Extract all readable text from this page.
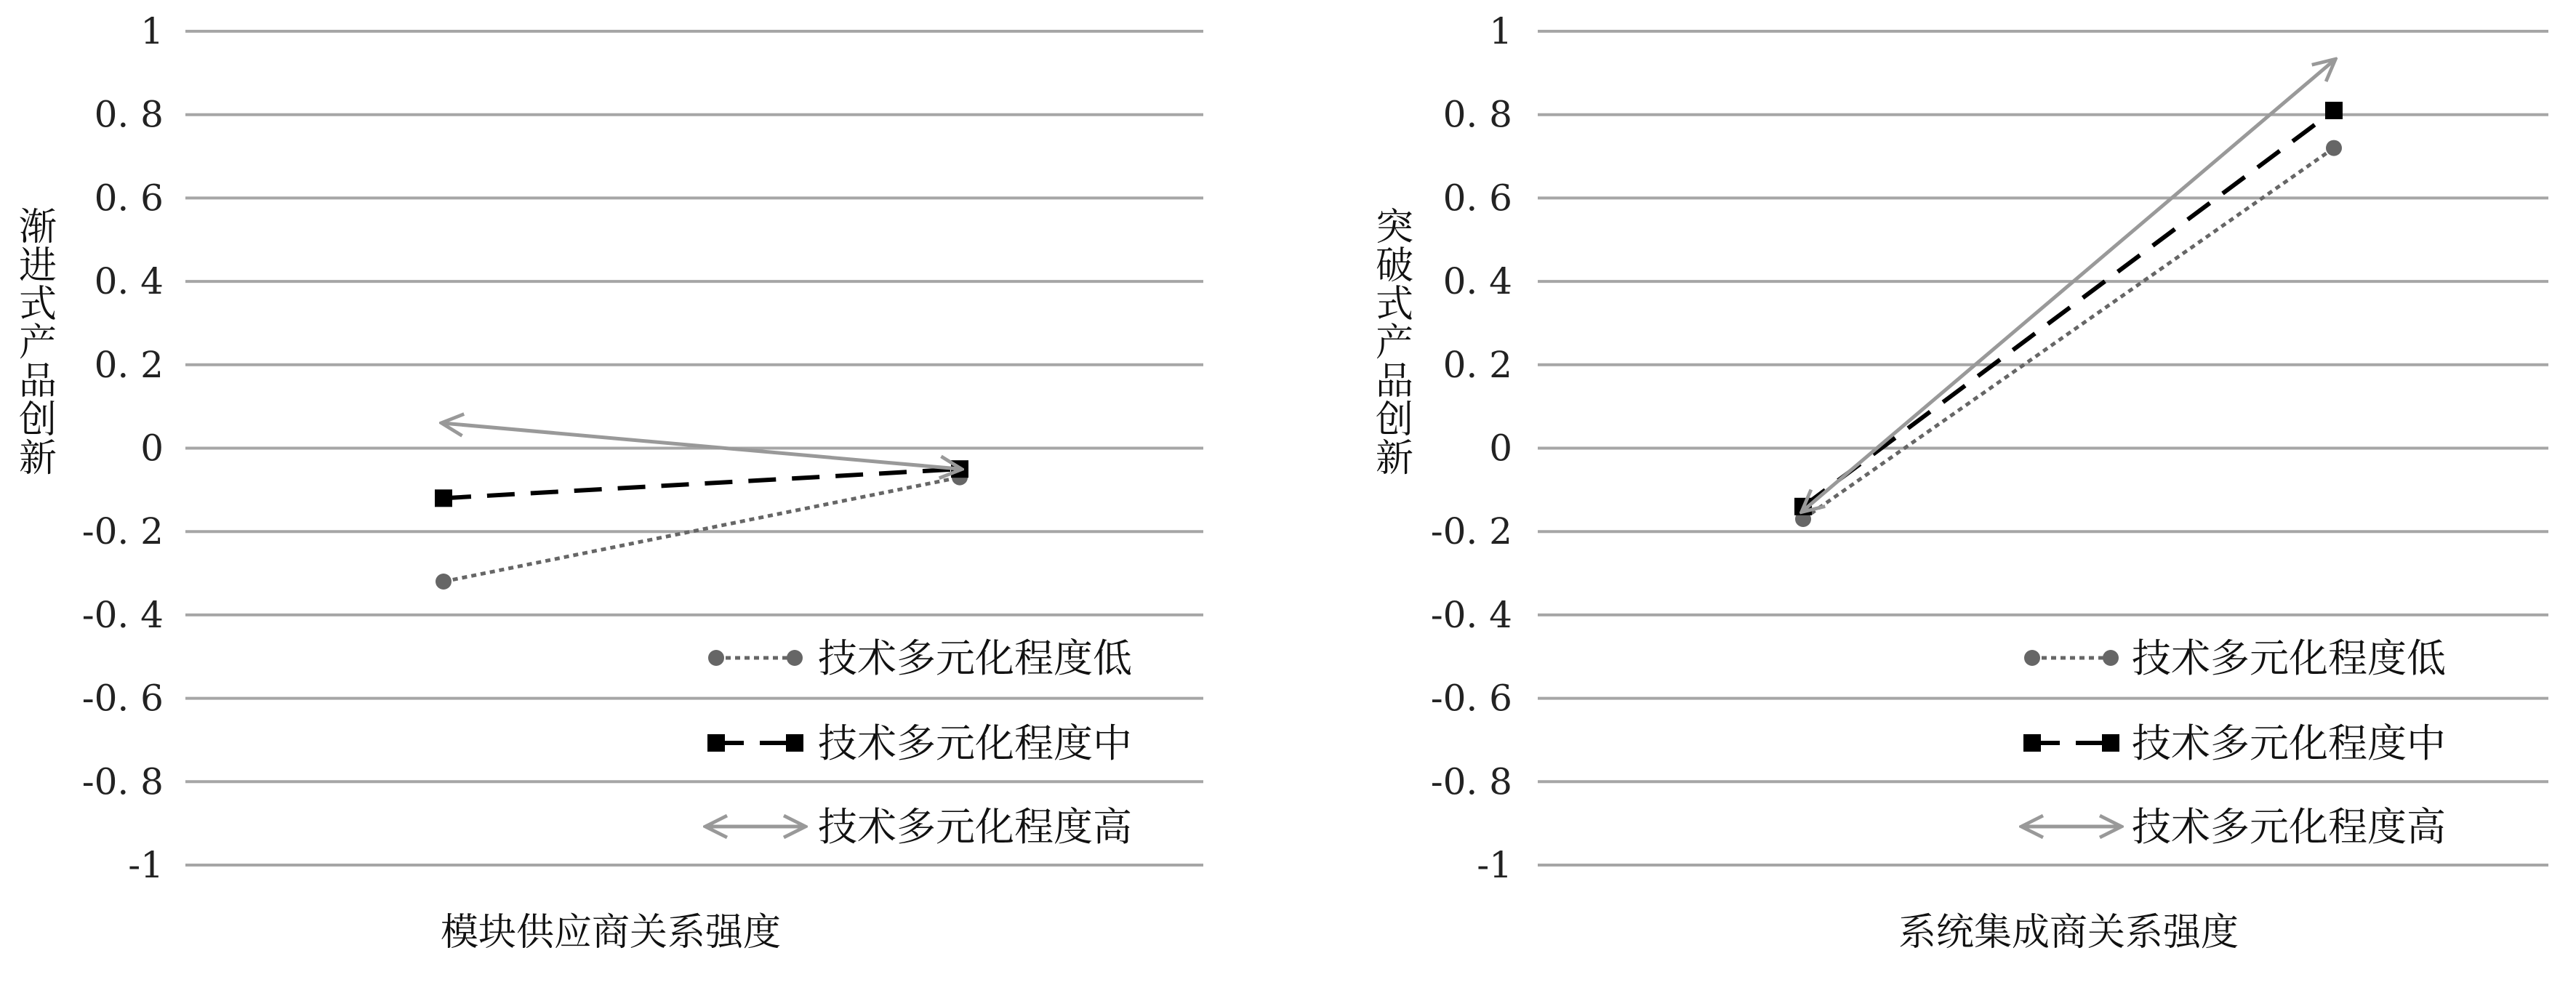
1
0. 8
0. 6
0. 4
0. 2
0
-0. 2
-0. 4
-0. 6
-0. 8
-1
渐
进
式
产
品
创
新
模块供应商关系强度
技术多元化程度低
技术多元化程度中
技术多元化程度高
1
0. 8
0. 6
0. 4
0. 2
0
-0. 2
-0. 4
-0. 6
-0. 8
-1
突
破
式
产
品
创
新
系统集成商关系强度
技术多元化程度低
技术多元化程度中
技术多元化程度高
